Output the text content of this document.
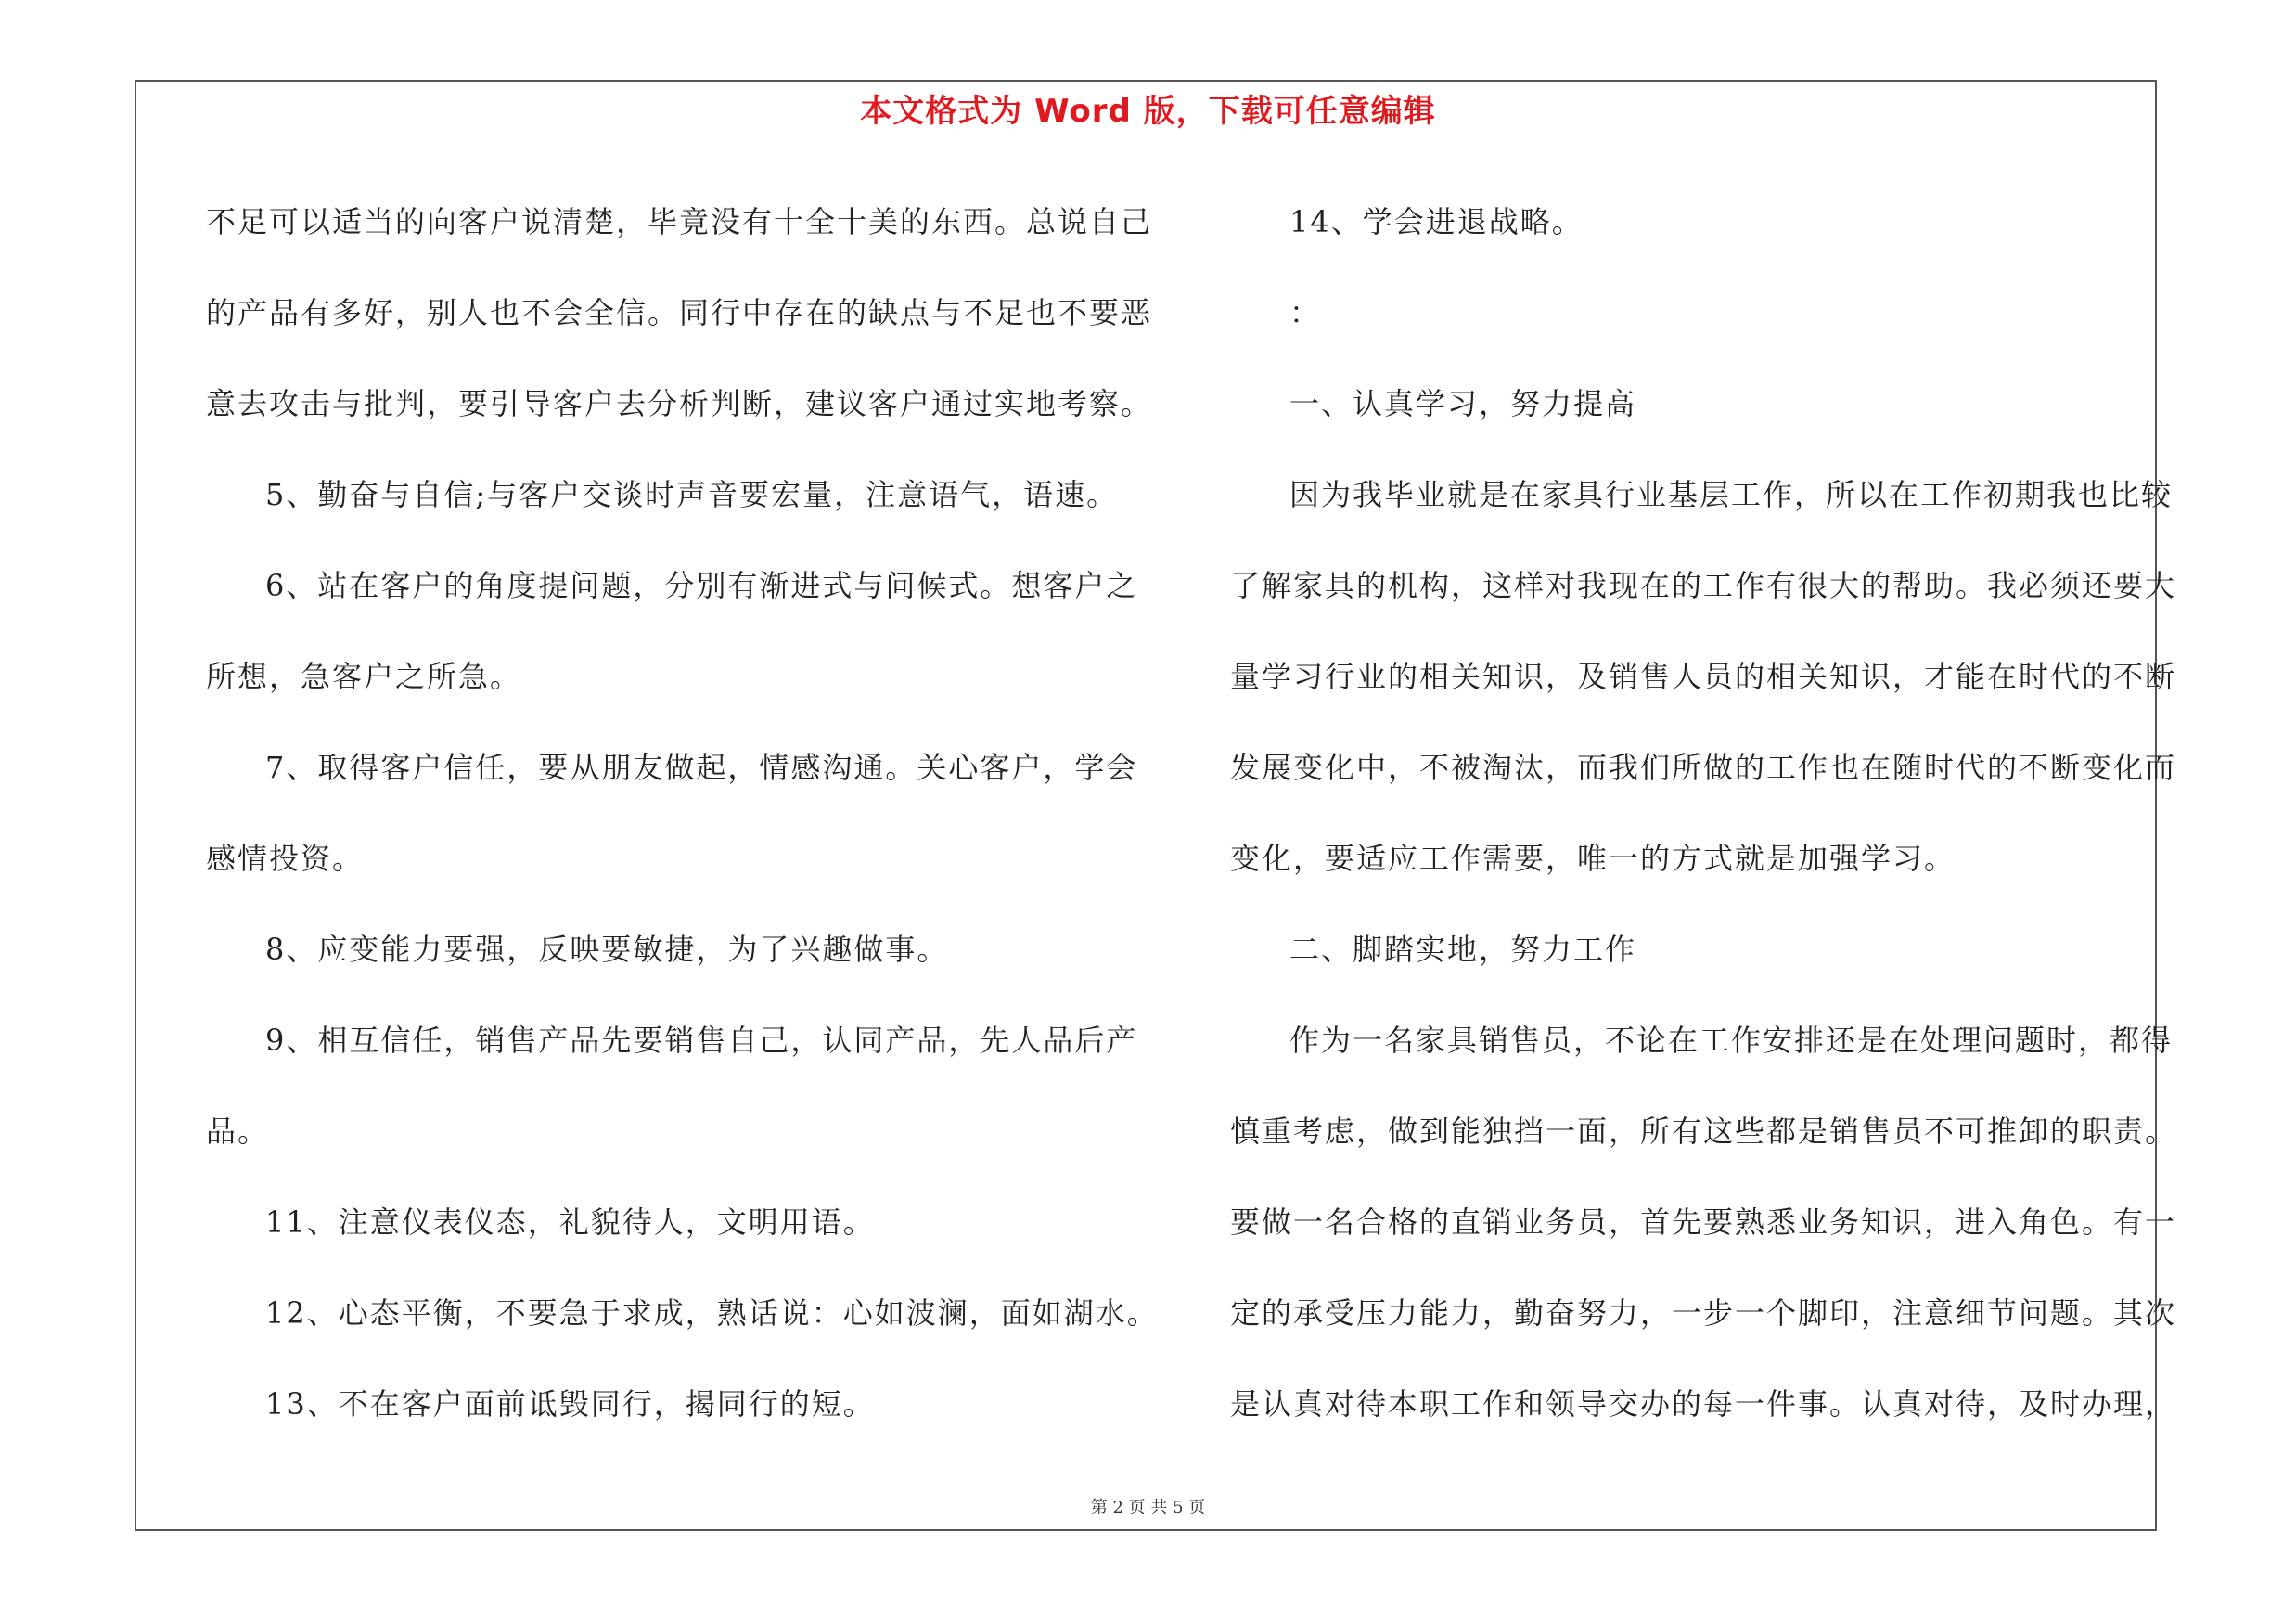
本文格式为 Word 版，下载可任意编辑
不足可以适当的向客户说清楚，毕竟没有十全十美的东西。总说自己
的产品有多好，别人也不会全信。同行中存在的缺点与不足也不要恶
意去攻击与批判，要引导客户去分析判断，建议客户通过实地考察。
5、勤奋与自信;与客户交谈时声音要宏量，注意语气，语速。
6、站在客户的角度提问题，分别有渐进式与问候式。想客户之
所想，急客户之所急。
7、取得客户信任，要从朋友做起，情感沟通。关心客户，学会
感情投资。
8、应变能力要强，反映要敏捷，为了兴趣做事。
9、相互信任，销售产品先要销售自己，认同产品，先人品后产
品。
11、注意仪表仪态，礼貌待人，文明用语。
12、心态平衡，不要急于求成，熟话说：心如波澜，面如湖水。
13、不在客户面前诋毁同行，揭同行的短。
14、学会进退战略。
：
一、认真学习，努力提高
因为我毕业就是在家具行业基层工作，所以在工作初期我也比较
了解家具的机构，这样对我现在的工作有很大的帮助。我必须还要大
量学习行业的相关知识，及销售人员的相关知识，才能在时代的不断
发展变化中，不被淘汰，而我们所做的工作也在随时代的不断变化而
变化，要适应工作需要，唯一的方式就是加强学习。
二、脚踏实地，努力工作
作为一名家具销售员，不论在工作安排还是在处理问题时，都得
慎重考虑，做到能独挡一面，所有这些都是销售员不可推卸的职责。
要做一名合格的直销业务员，首先要熟悉业务知识，进入角色。有一
定的承受压力能力，勤奋努力，一步一个脚印，注意细节问题。其次
是认真对待本职工作和领导交办的每一件事。认真对待，及时办理，
第 2 页 共 5 页
